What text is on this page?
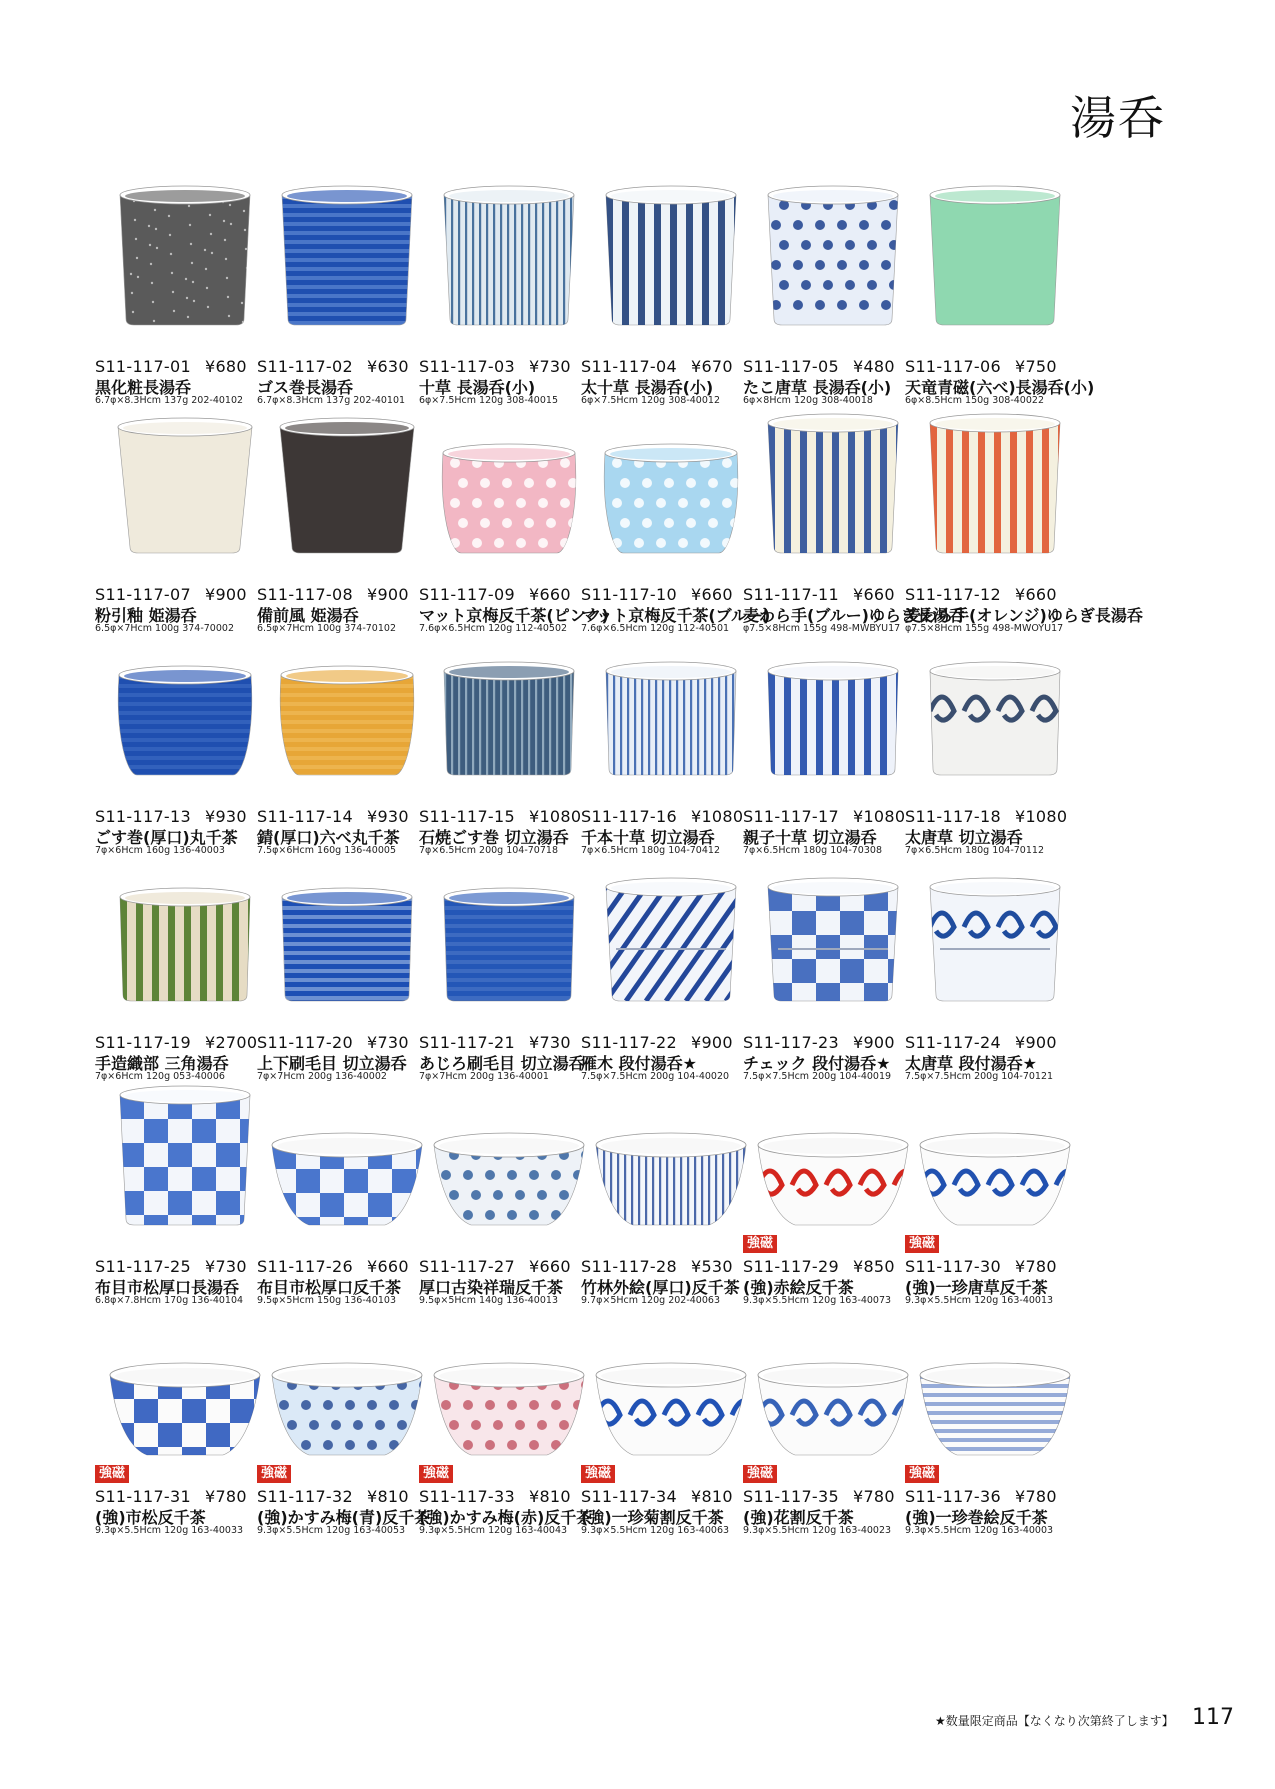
湯呑
S11-117-01 ¥680
黒化粧長湯呑
6.7φ×8.3Hcm 137g 202-40102
S11-117-02 ¥630
ゴス巻長湯呑
6.7φ×8.3Hcm 137g 202-40101
S11-117-03 ¥730
十草 長湯呑(小)
6φ×7.5Hcm 120g 308-40015
S11-117-04 ¥670
太十草 長湯呑(小)
6φ×7.5Hcm 120g 308-40012
S11-117-05 ¥480
たこ唐草 長湯呑(小)
6φ×8Hcm 120g 308-40018
S11-117-06 ¥750
天竜青磁(六べ)長湯呑(小)
6φ×8.5Hcm 150g 308-40022
S11-117-07 ¥900
粉引釉 姫湯呑
6.5φ×7Hcm 100g 374-70002
S11-117-08 ¥900
備前風 姫湯呑
6.5φ×7Hcm 100g 374-70102
S11-117-09 ¥660
マット京梅反千茶(ピンク)
7.6φ×6.5Hcm 120g 112-40502
S11-117-10 ¥660
マット京梅反千茶(ブルー)
7.6φ×6.5Hcm 120g 112-40501
S11-117-11 ¥660
麦わら手(ブルー)ゆらぎ長湯呑
φ7.5×8Hcm 155g 498-MWBYU17
S11-117-12 ¥660
麦わら手(オレンジ)ゆらぎ長湯呑
φ7.5×8Hcm 155g 498-MWOYU17
S11-117-13 ¥930
ごす巻(厚口)丸千茶
7φ×6Hcm 160g 136-40003
S11-117-14 ¥930
錆(厚口)六べ丸千茶
7.5φ×6Hcm 160g 136-40005
S11-117-15 ¥1080
石焼ごす巻 切立湯呑
7φ×6.5Hcm 200g 104-70718
S11-117-16 ¥1080
千本十草 切立湯呑
7φ×6.5Hcm 180g 104-70412
S11-117-17 ¥1080
親子十草 切立湯呑
7φ×6.5Hcm 180g 104-70308
S11-117-18 ¥1080
太唐草 切立湯呑
7φ×6.5Hcm 180g 104-70112
S11-117-19 ¥2700
手造織部 三角湯呑
7φ×6Hcm 120g 053-40006
S11-117-20 ¥730
上下刷毛目 切立湯呑
7φ×7Hcm 200g 136-40002
S11-117-21 ¥730
あじろ刷毛目 切立湯呑
7φ×7Hcm 200g 136-40001
S11-117-22 ¥900
雁木 段付湯呑★
7.5φ×7.5Hcm 200g 104-40020
S11-117-23 ¥900
チェック 段付湯呑★
7.5φ×7.5Hcm 200g 104-40019
S11-117-24 ¥900
太唐草 段付湯呑★
7.5φ×7.5Hcm 200g 104-70121
S11-117-25 ¥730
布目市松厚口長湯呑
6.8φ×7.8Hcm 170g 136-40104
S11-117-26 ¥660
布目市松厚口反千茶
9.5φ×5Hcm 150g 136-40103
S11-117-27 ¥660
厚口古染祥瑞反千茶
9.5φ×5Hcm 140g 136-40013
S11-117-28 ¥530
竹林外絵(厚口)反千茶
9.7φ×5Hcm 120g 202-40063
強磁
S11-117-29 ¥850
(強)赤絵反千茶
9.3φ×5.5Hcm 120g 163-40073
強磁
S11-117-30 ¥780
(強)一珍唐草反千茶
9.3φ×5.5Hcm 120g 163-40013
強磁
S11-117-31 ¥780
(強)市松反千茶
9.3φ×5.5Hcm 120g 163-40033
強磁
S11-117-32 ¥810
(強)かすみ梅(青)反千茶
9.3φ×5.5Hcm 120g 163-40053
強磁
S11-117-33 ¥810
(強)かすみ梅(赤)反千茶
9.3φ×5.5Hcm 120g 163-40043
強磁
S11-117-34 ¥810
(強)一珍菊割反千茶
9.3φ×5.5Hcm 120g 163-40063
強磁
S11-117-35 ¥780
(強)花割反千茶
9.3φ×5.5Hcm 120g 163-40023
強磁
S11-117-36 ¥780
(強)一珍巻絵反千茶
9.3φ×5.5Hcm 120g 163-40003
★数量限定商品【なくなり次第終了します】 117
